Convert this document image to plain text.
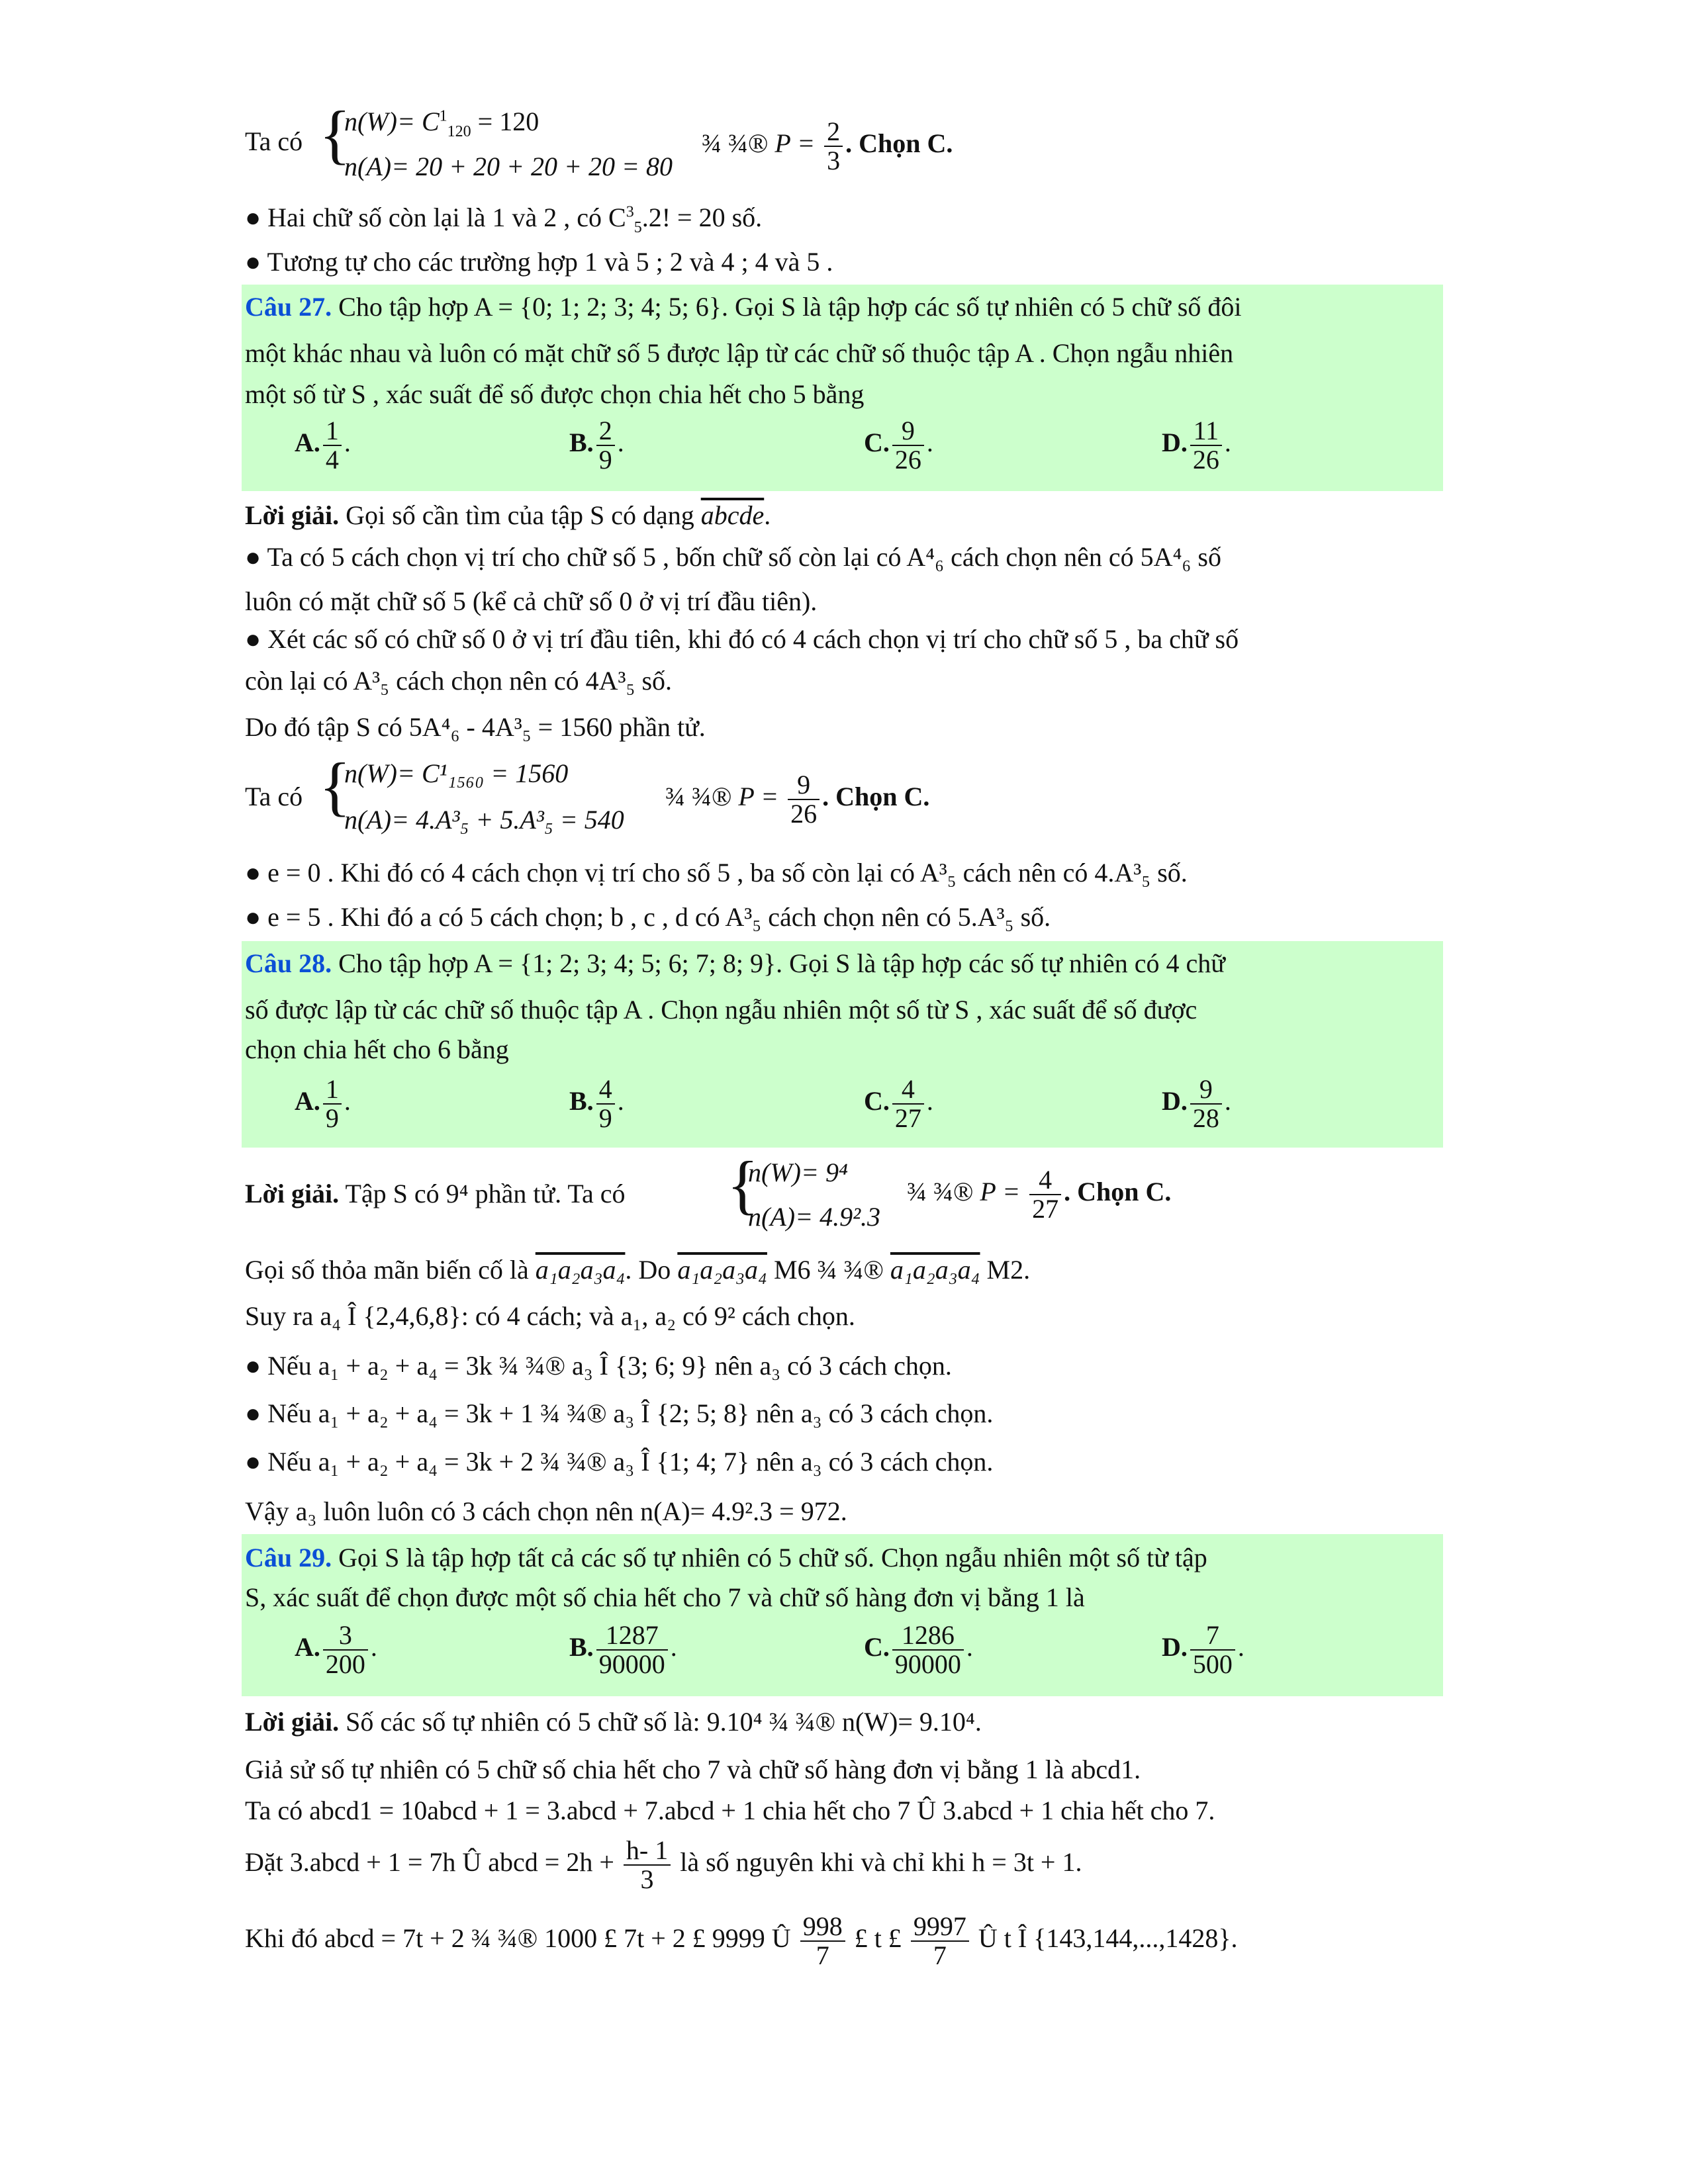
Ta có {
$n(W)= C^1_{120} = 120$
n(A)= 20 + 20 + 20 + 20 = 80
¾ ¾® $P = \frac{2}{3}$ . Chọn C.
● Hai chữ số còn lại là 1 và 2 , có $C^3_5.2$! = 20 số.
● Tương tự cho các trường hợp 1 và 5 ; 2 và 4 ; 4 và 5 .
Câu 27. Cho tập hợp A = {0; 1; 2; 3; 4; 5; 6}. Gọi S là tập hợp các số tự nhiên có 5 chữ số đôi
một khác nhau và luôn có mặt chữ số 5 được lập từ các chữ số thuộc tập A . Chọn ngẫu nhiên
một số từ S , xác suất để số được chọn chia hết cho 5 bằng
A. $\frac{1}{4}$ .	B. $\frac{2}{9}$ .	C. $\frac{9}{26}$ .	D. $\frac{11}{26}$ .
Lời giải. Gọi số cần tìm của tập S có dạng abcde.
● Ta có 5 cách chọn vị trí cho chữ số 5 , bốn chữ số còn lại có A⁴₆ cách chọn nên có 5A⁴₆ số
luôn có mặt chữ số 5 (kể cả chữ số 0 ở vị trí đầu tiên).
● Xét các số có chữ số 0 ở vị trí đầu tiên, khi đó có 4 cách chọn vị trí cho chữ số 5 , ba chữ số
còn lại có A³₅ cách chọn nên có 4A³₅ số.
Do đó tập S có 5A⁴₆ - 4A³₅ = 1560 phần tử.
Ta có {
n(W)= C¹₁₅₆₀ = 1560
n(A)= 4.A³₅ + 5.A³₅ = 540
¾ ¾® $P = \frac{9}{26}$ . Chọn C.
● e = 0 . Khi đó có 4 cách chọn vị trí cho số 5 , ba số còn lại có A³₅ cách nên có 4.A³₅ số.
● e = 5 . Khi đó a có 5 cách chọn; b , c , d có A³₅ cách chọn nên có 5.A³₅ số.
Câu 28. Cho tập hợp A = {1; 2; 3; 4; 5; 6; 7; 8; 9}. Gọi S là tập hợp các số tự nhiên có 4 chữ
số được lập từ các chữ số thuộc tập A . Chọn ngẫu nhiên một số từ S , xác suất để số được
chọn chia hết cho 6 bằng
A. $\frac{1}{9}$ .	B. $\frac{4}{9}$ .	C. $\frac{4}{27}$ .	D. $\frac{9}{28}$ .
Lời giải. Tập S có 9⁴ phần tử. Ta có {
n(W)= 9⁴
n(A)= 4.9².3
¾ ¾® $P = \frac{4}{27}$ . Chọn C.
Gọi số thỏa mãn biến cố là a₁a₂a₃a₄. Do a₁a₂a₃a₄ M6 ¾ ¾® a₁a₂a₃a₄ M2.
Suy ra a₄ Î {2,4,6,8}: có 4 cách; và a₁, a₂ có 9² cách chọn.
● Nếu a₁ + a₂ + a₄ = 3k ¾ ¾® a₃ Î {3; 6; 9} nên a₃ có 3 cách chọn.
● Nếu a₁ + a₂ + a₄ = 3k + 1 ¾ ¾® a₃ Î {2; 5; 8} nên a₃ có 3 cách chọn.
● Nếu a₁ + a₂ + a₄ = 3k + 2 ¾ ¾® a₃ Î {1; 4; 7} nên a₃ có 3 cách chọn.
Vậy a₃ luôn luôn có 3 cách chọn nên n(A)= 4.9².3 = 972.
Câu 29. Gọi S là tập hợp tất cả các số tự nhiên có 5 chữ số. Chọn ngẫu nhiên một số từ tập
S, xác suất để chọn được một số chia hết cho 7 và chữ số hàng đơn vị bằng 1 là
A. $\frac{3}{200}$ .	B. $\frac{1287}{90000}$ .	C. $\frac{1286}{90000}$ .	D. $\frac{7}{500}$ .
Lời giải. Số các số tự nhiên có 5 chữ số là: 9.10⁴ ¾ ¾® n(W)= 9.10⁴.
Giả sử số tự nhiên có 5 chữ số chia hết cho 7 và chữ số hàng đơn vị bằng 1 là abcd1.
Ta có abcd1 = 10abcd + 1 = 3.abcd + 7.abcd + 1 chia hết cho 7 Û 3.abcd + 1 chia hết cho 7.
Đặt 3.abcd + 1 = 7h Û abcd = $2h + \frac{h- 1}{3}$ là số nguyên khi và chỉ khi h = 3t + 1.
Khi đó abcd = 7t + 2 ¾ ¾® 1000 £ 7t + 2 £ 9999 Û $\frac{998}{7}$ £ t £ $\frac{9997}{7}$ Û t Î {143,144,...,1428}.
